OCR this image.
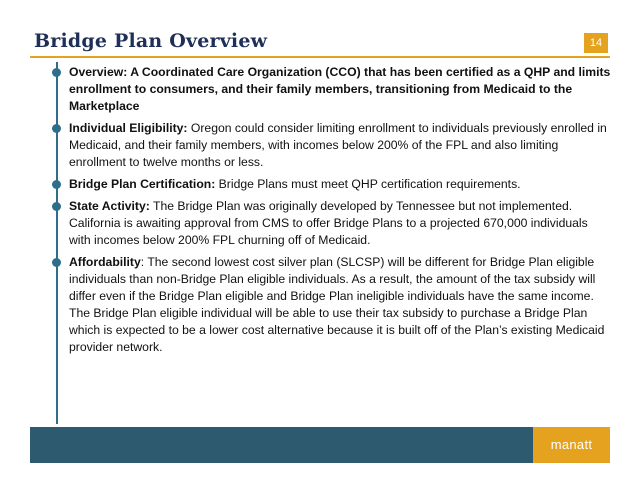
Bridge Plan Overview	14
Overview: A Coordinated Care Organization (CCO) that has been certified as a QHP and limits enrollment to consumers, and their family members, transitioning from Medicaid to the Marketplace
Individual Eligibility: Oregon could consider limiting enrollment to individuals previously enrolled in Medicaid, and their family members, with incomes below 200% of the FPL and also limiting enrollment to twelve months or less.
Bridge Plan Certification: Bridge Plans must meet QHP certification requirements.
State Activity: The Bridge Plan was originally developed by Tennessee but not implemented. California is awaiting approval from CMS to offer Bridge Plans to a projected 670,000 individuals with incomes below 200% FPL churning off of Medicaid.
Affordability: The second lowest cost silver plan (SLCSP) will be different for Bridge Plan eligible individuals than non-Bridge Plan eligible individuals. As a result, the amount of the tax subsidy will differ even if the Bridge Plan eligible and Bridge Plan ineligible individuals have the same income. The Bridge Plan eligible individual will be able to use their tax subsidy to purchase a Bridge Plan which is expected to be a lower cost alternative because it is built off of the Plan’s existing Medicaid provider network.
manatt
